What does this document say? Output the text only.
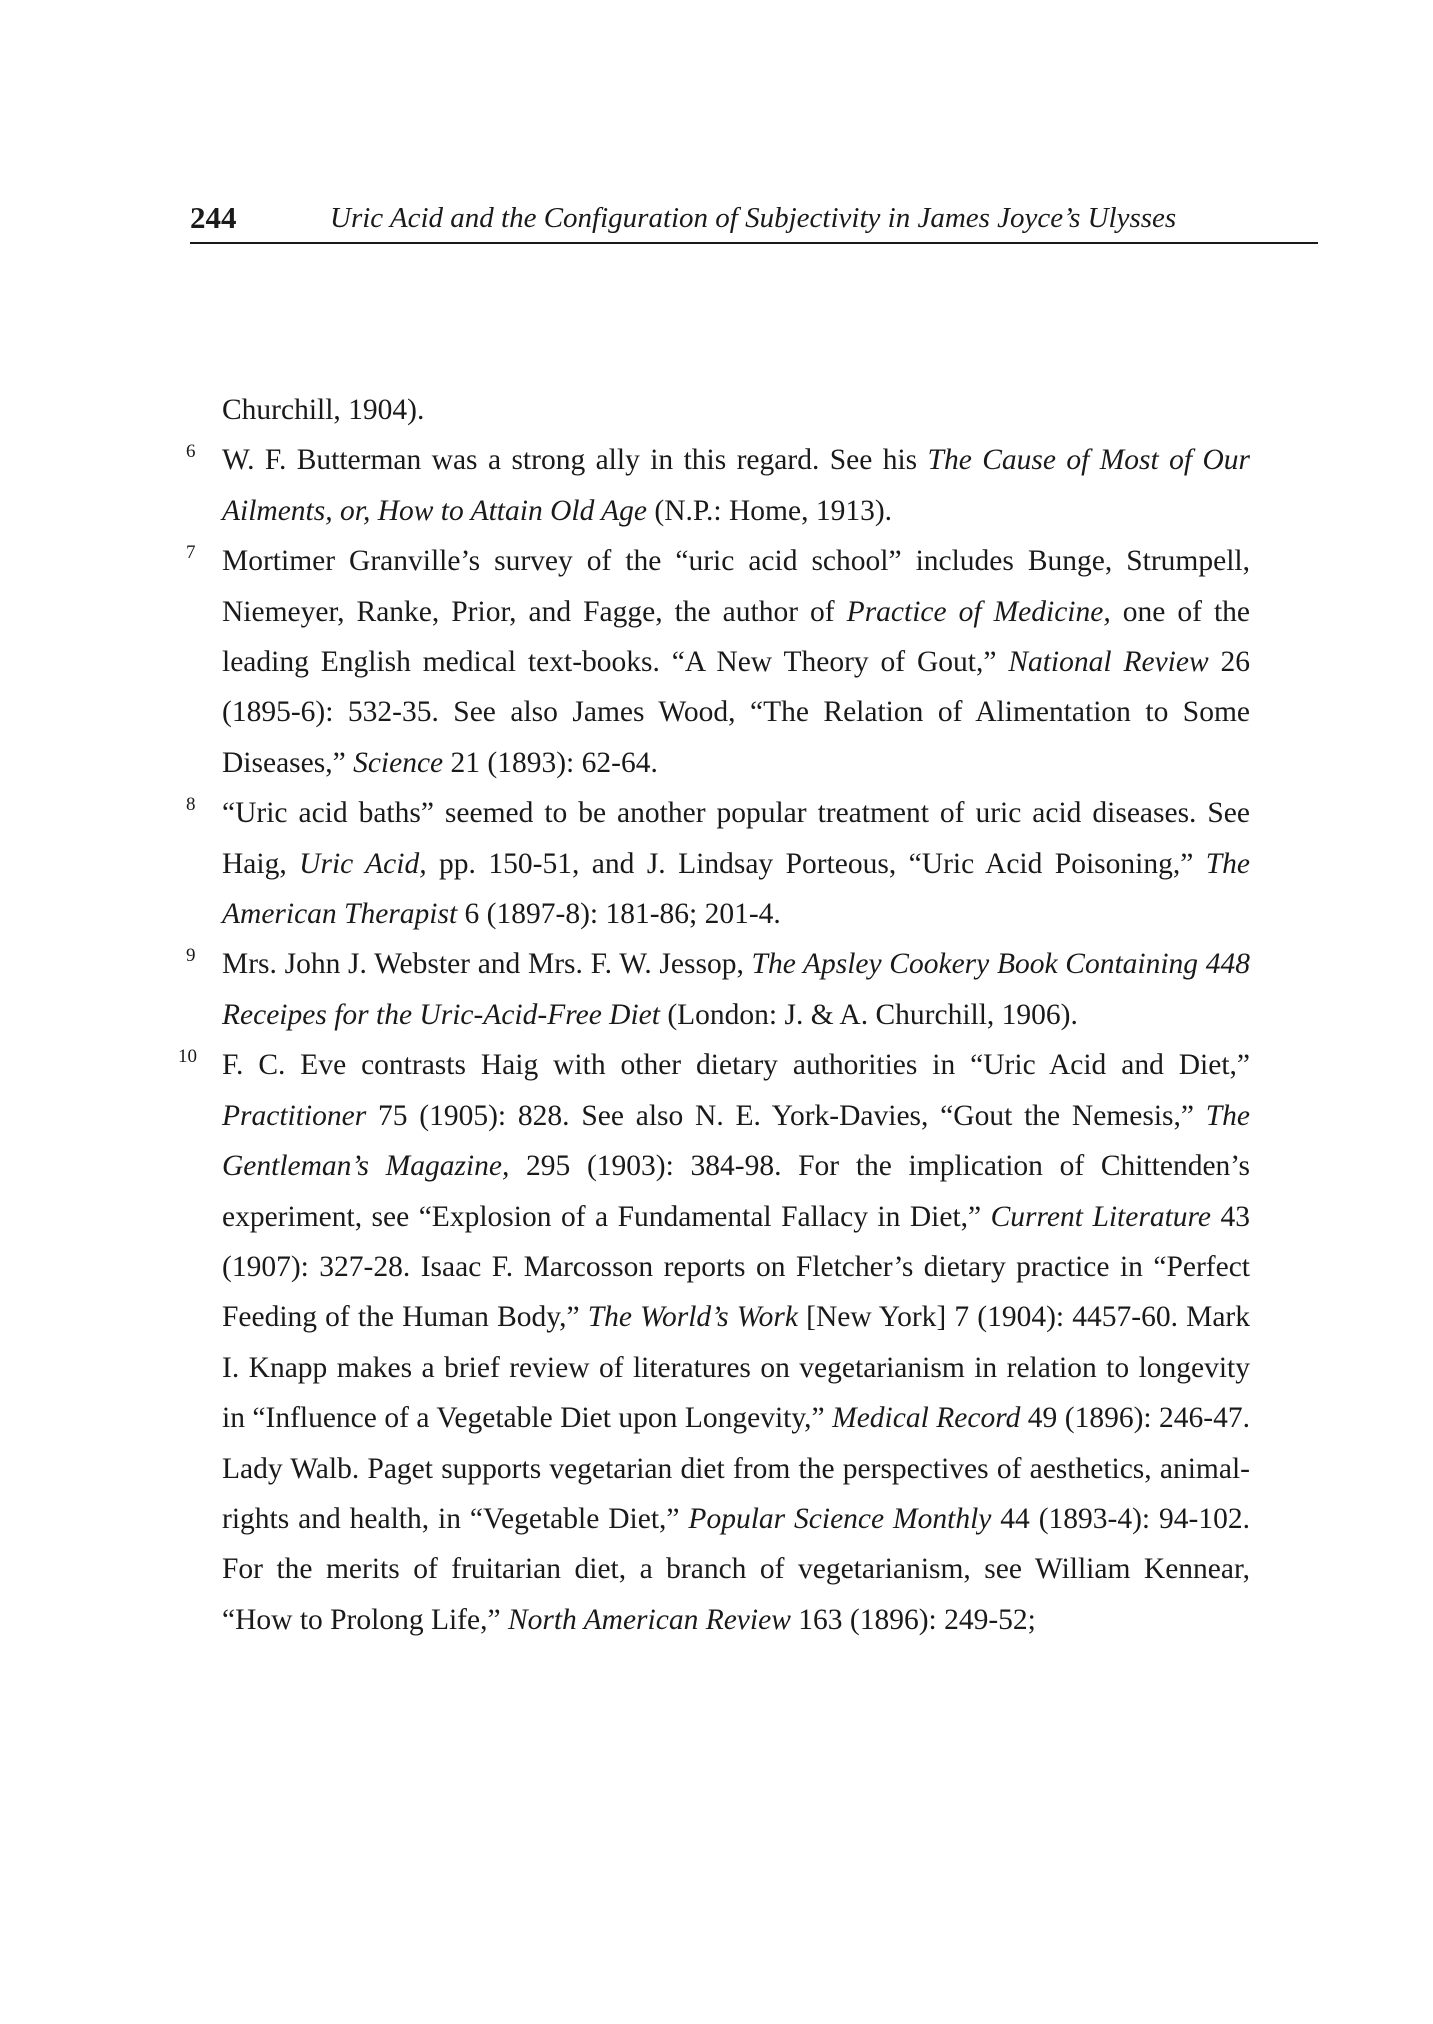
244	Uric Acid and the Configuration of Subjectivity in James Joyce’s Ulysses
Churchill, 1904).
6 W. F. Butterman was a strong ally in this regard. See his The Cause of Most of Our Ailments, or, How to Attain Old Age (N.P.: Home, 1913).
7 Mortimer Granville’s survey of the “uric acid school” includes Bunge, Strumpell, Niemeyer, Ranke, Prior, and Fagge, the author of Practice of Medicine, one of the leading English medical text-books. “A New Theory of Gout,” National Review 26 (1895-6): 532-35. See also James Wood, “The Relation of Alimentation to Some Diseases,” Science 21 (1893): 62-64.
8 “Uric acid baths” seemed to be another popular treatment of uric acid diseases. See Haig, Uric Acid, pp. 150-51, and J. Lindsay Porteous, “Uric Acid Poisoning,” The American Therapist 6 (1897-8): 181-86; 201-4.
9 Mrs. John J. Webster and Mrs. F. W. Jessop, The Apsley Cookery Book Containing 448 Receipes for the Uric-Acid-Free Diet (London: J. & A. Churchill, 1906).
10 F. C. Eve contrasts Haig with other dietary authorities in “Uric Acid and Diet,” Practitioner 75 (1905): 828. See also N. E. York-Davies, “Gout the Nemesis,” The Gentleman’s Magazine, 295 (1903): 384-98. For the implication of Chittenden’s experiment, see “Explosion of a Fundamental Fallacy in Diet,” Current Literature 43 (1907): 327-28. Isaac F. Marcosson reports on Fletcher’s dietary practice in “Perfect Feeding of the Human Body,” The World’s Work [New York] 7 (1904): 4457-60. Mark I. Knapp makes a brief review of literatures on vegetarianism in relation to longevity in “Influence of a Vegetable Diet upon Longevity,” Medical Record 49 (1896): 246-47. Lady Walb. Paget supports vegetarian diet from the perspectives of aesthetics, animal-rights and health, in “Vegetable Diet,” Popular Science Monthly 44 (1893-4): 94-102. For the merits of fruitarian diet, a branch of vegetarianism, see William Kennear, “How to Prolong Life,” North American Review 163 (1896): 249-52;
